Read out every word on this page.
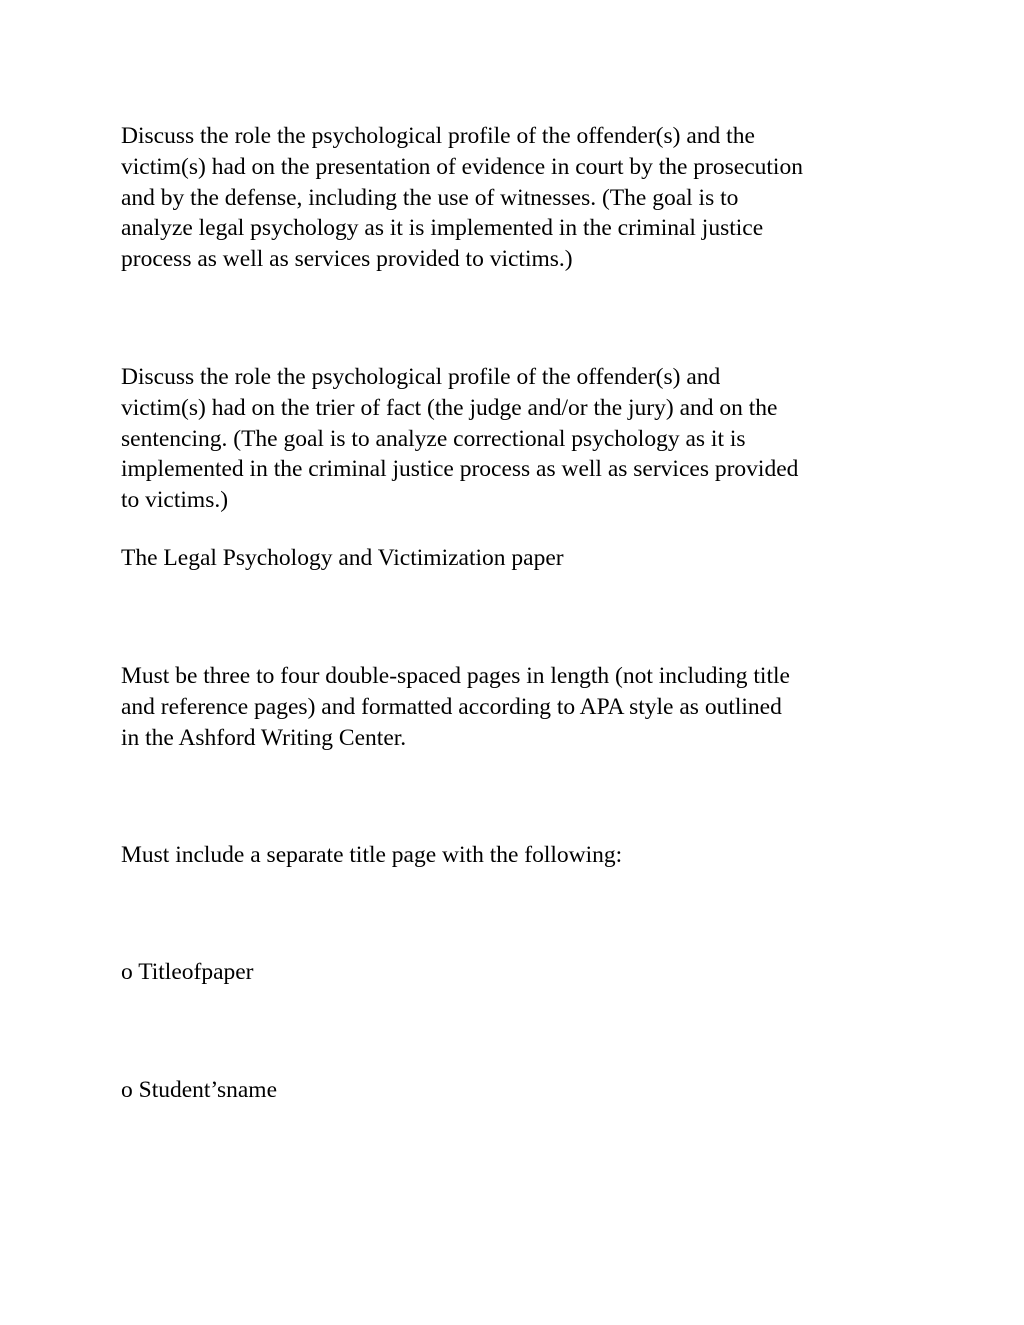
Discuss the role the psychological profile of the offender(s) and the
victim(s) had on the presentation of evidence in court by the prosecution
and by the defense, including the use of witnesses. (The goal is to
analyze legal psychology as it is implemented in the criminal justice
process as well as services provided to victims.)

Discuss the role the psychological profile of the offender(s) and
victim(s) had on the trier of fact (the judge and/or the jury) and on the
sentencing. (The goal is to analyze correctional psychology as it is
implemented in the criminal justice process as well as services provided
to victims.)

The Legal Psychology and Victimization paper

Must be three to four double-spaced pages in length (not including title
and reference pages) and formatted according to APA style as outlined
in the Ashford Writing Center.

Must include a separate title page with the following:

o Titleofpaper

o Student’sname
